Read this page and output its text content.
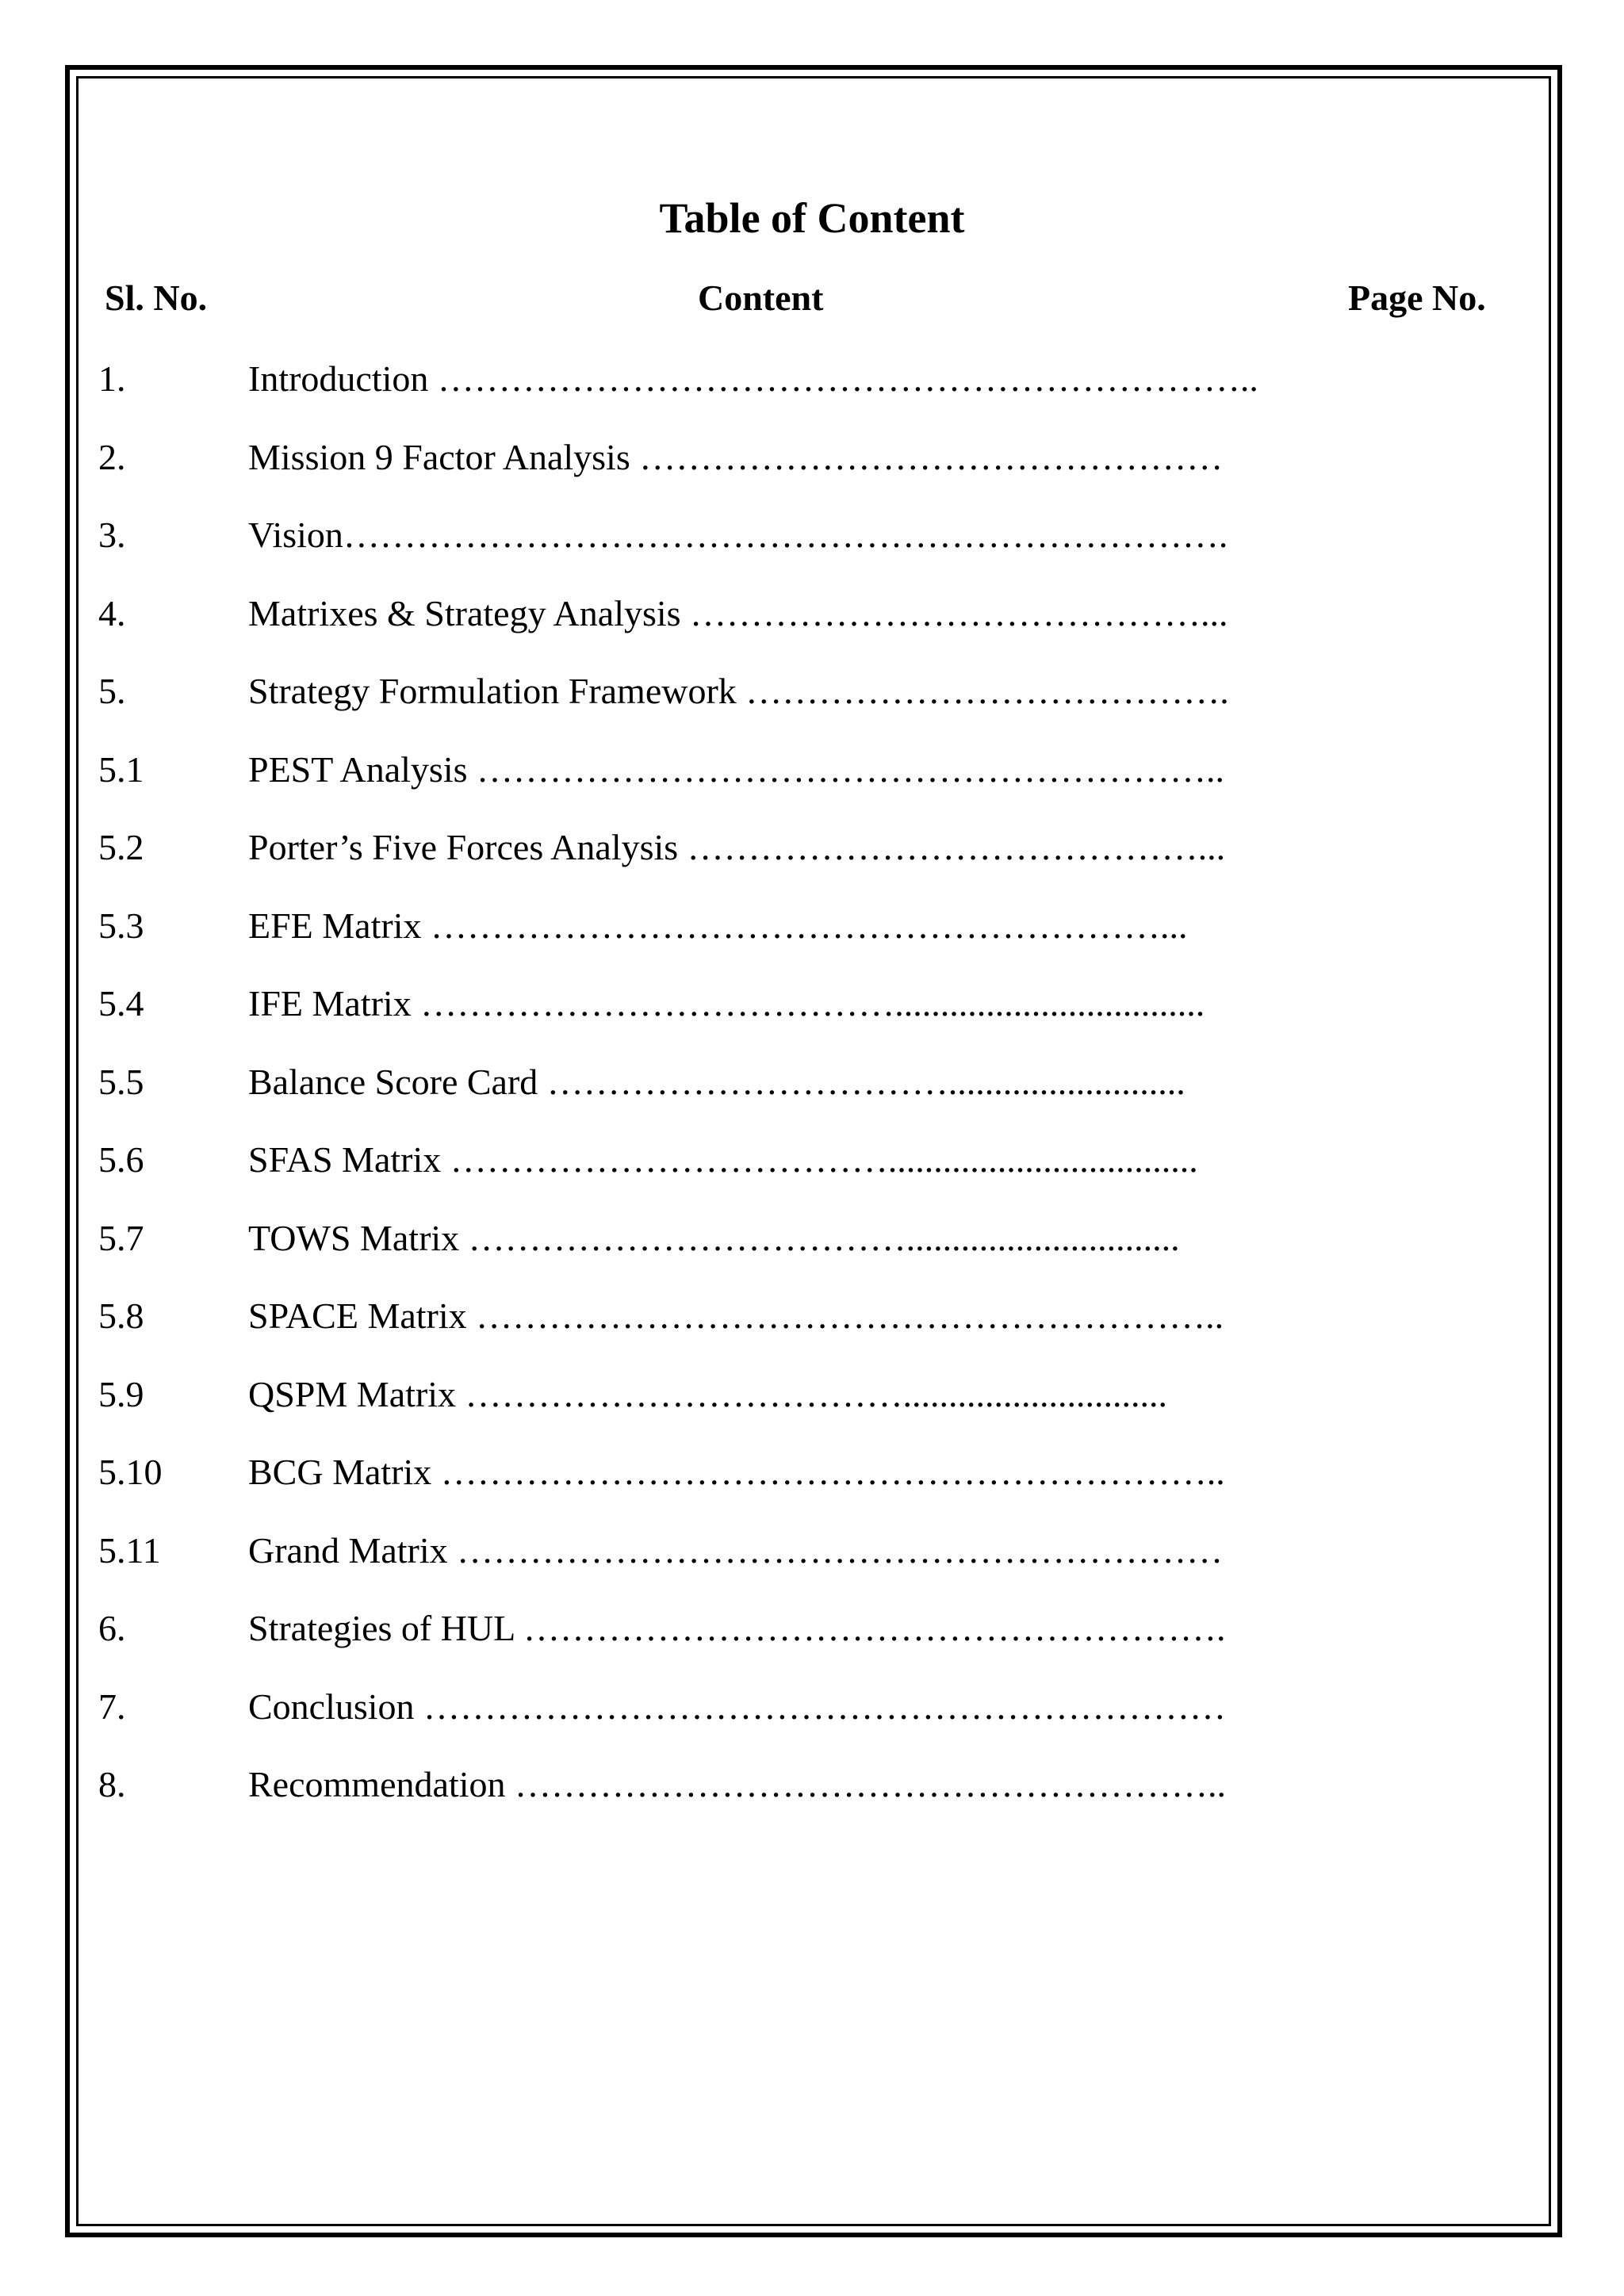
Table of Content
Sl. No.	Content	Page No.
1.	Introduction …………………………………………………………..
2.	Mission 9 Factor Analysis …………………………………………
3.	Vision……………………………………………………………….
4.	Matrixes & Strategy Analysis ……………………………………...
5.	Strategy Formulation Framework ………………………………….
5.1	PEST Analysis ……………………………………………………..
5.2	Porter’s Five Forces Analysis ……………………………………...
5.3	EFE Matrix ……………………………………………………...
5.4	IFE Matrix …………………………………..................................
5.5	Balance Score Card ……………………………..........................
5.6	SFAS Matrix ………………………………..................................
5.7	TOWS Matrix ………………………………..............................
5.8	SPACE Matrix ……………………………………………………..
5.9	QSPM Matrix ……………………………….............................
5.10 BCG Matrix ………………………………………………………..
5.11 Grand Matrix ………………………………………………………
6.	Strategies of HUL ………………………………………………….
7.	Conclusion …………………………………………………………
8.	Recommendation …………………………………………………..
